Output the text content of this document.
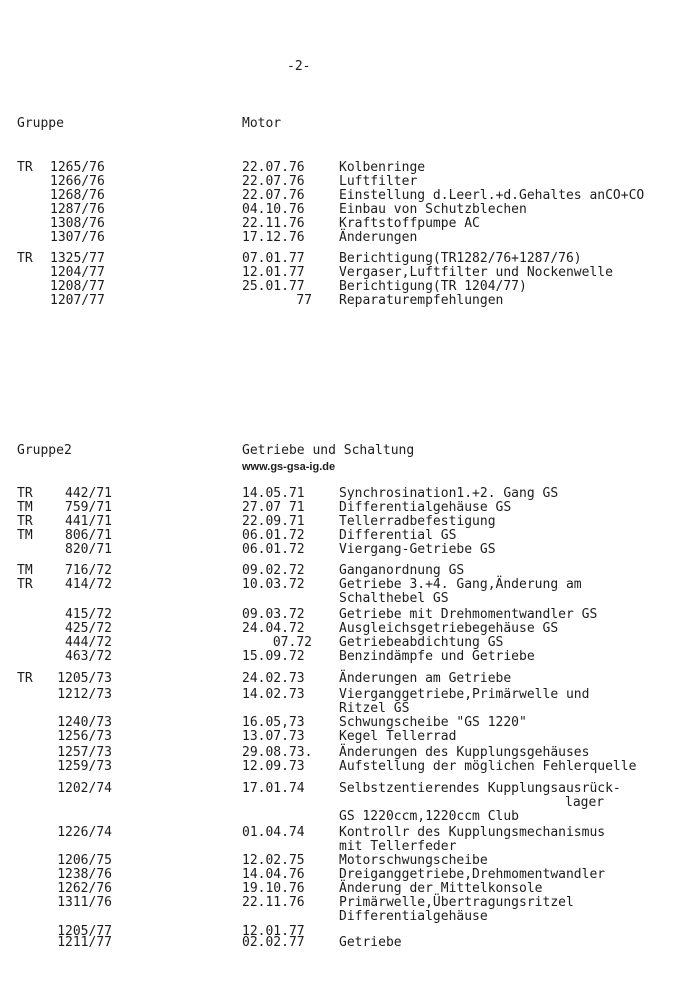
-2-
Gruppe	Motor
TR 1265/76	22.07.76	Kolbenringe
1266/76	22.07.76	Luftfilter
1268/76	22.07.76	Einstellung d.Leerl.+d.Gehaltes anCO+CO
1287/76	04.10.76	Einbau von Schutzblechen
1308/76	22.11.76	Kraftstoffpumpe AC
1307/76	17.12.76	Änderungen
TR 1325/77	07.01.77	Berichtigung(TR1282/76+1287/76)
1204/77	12.01.77	Vergaser,Luftfilter und Nockenwelle
1208/77	25.01.77	Berichtigung(TR 1204/77)
1207/77	77 Reparaturempfehlungen
Gruppe2	Getriebe und Schaltung
www.gs-gsa-ig.de
TR	442/71	14.05.71	Synchrosination1.+2. Gang GS
TM	759/71	27.07 71	Differentialgehäuse GS
TR	441/71	22.09.71	Tellerradbefestigung
TM	806/71	06.01.72	Differential GS
820/71	06.01.72	Viergang-Getriebe GS
TM	716/72	09.02.72	Ganganordnung GS
TR	414/72	10.03.72	Getriebe 3.+4. Gang,Änderung am
Schalthebel GS
415/72	09.03.72	Getriebe mit Drehmomentwandler GS
425/72	24.04.72	Ausgleichsgetriebegehäuse GS
444/72	07.72 Getriebeabdichtung GS
463/72	15.09.72	Benzindämpfe und Getriebe
TR	1205/73	24.02.73	Änderungen am Getriebe
1212/73	14.02.73	Vierganggetriebe,Primärwelle und
Ritzel GS
1240/73	16.05,73	Schwungscheibe "GS 1220"
1256/73	13.07.73	Kegel Tellerrad
1257/73	29.08.73. Änderungen des Kupplungsgehäuses
1259/73	12.09.73	Aufstellung der möglichen Fehlerquelle
1202/74	17.01.74	Selbstzentierendes Kupplungsausrück-
lager
GS 1220ccm,1220ccm Club
1226/74	01.04.74	Kontrollr des Kupplungsmechanismus
mit Tellerfeder
1206/75	12.02.75	Motorschwungscheibe
1238/76	14.04.76	Dreiganggetriebe,Drehmomentwandler
1262/76	19.10.76	Änderung der Mittelkonsole
1311/76	22.11.76	Primärwelle,Übertragungsritzel
Differentialgehäuse
1205/77	12.01.77
1211/77	02.02.77	Getriebe
